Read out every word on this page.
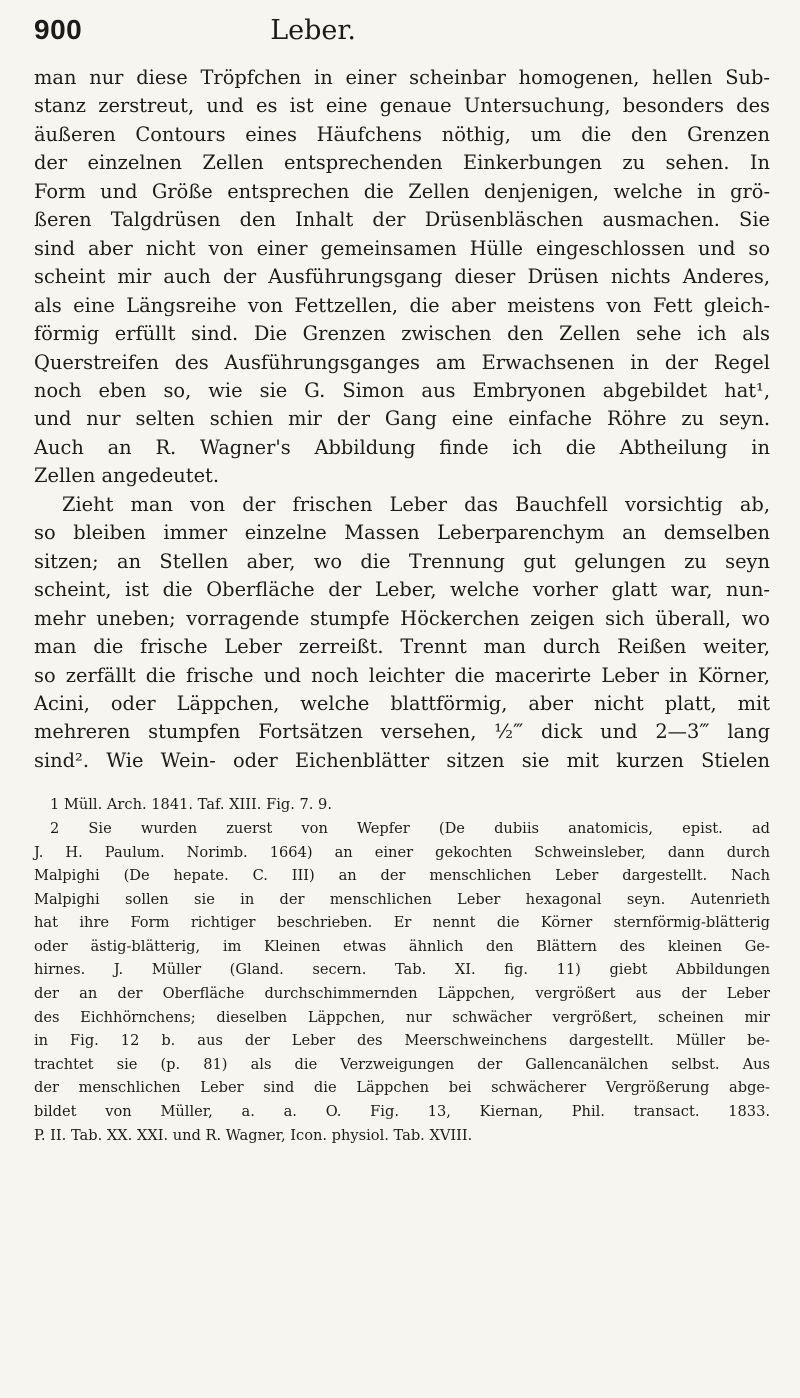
900	Leber.

man nur diese Tröpfchen in einer scheinbar homogenen, hellen Sub-
stanz zerstreut, und es ist eine genaue Untersuchung, besonders des
äußeren Contours eines Häufchens nöthig, um die den Grenzen
der einzelnen Zellen entsprechenden Einkerbungen zu sehen. In
Form und Größe entsprechen die Zellen denjenigen, welche in grö-
ßeren Talgdrüsen den Inhalt der Drüsenbläschen ausmachen. Sie
sind aber nicht von einer gemeinsamen Hülle eingeschlossen und so
scheint mir auch der Ausführungsgang dieser Drüsen nichts Anderes,
als eine Längsreihe von Fettzellen, die aber meistens von Fett gleich-
förmig erfüllt sind. Die Grenzen zwischen den Zellen sehe ich als
Querstreifen des Ausführungsganges am Erwachsenen in der Regel
noch eben so, wie sie G. Simon aus Embryonen abgebildet hat¹,
und nur selten schien mir der Gang eine einfache Röhre zu seyn.
Auch an R. Wagner's Abbildung finde ich die Abtheilung in
Zellen angedeutet.

Zieht man von der frischen Leber das Bauchfell vorsichtig ab,
so bleiben immer einzelne Massen Leberparenchym an demselben
sitzen; an Stellen aber, wo die Trennung gut gelungen zu seyn
scheint, ist die Oberfläche der Leber, welche vorher glatt war, nun-
mehr uneben; vorragende stumpfe Höckerchen zeigen sich überall, wo
man die frische Leber zerreißt. Trennt man durch Reißen weiter,
so zerfällt die frische und noch leichter die macerirte Leber in Körner,
Acini, oder Läppchen, welche blattförmig, aber nicht platt, mit
mehreren stumpfen Fortsätzen versehen, ½‴ dick und 2—3‴ lang
sind². Wie Wein- oder Eichenblätter sitzen sie mit kurzen Stielen

1 Müll. Arch. 1841. Taf. XIII. Fig. 7. 9.
2 Sie wurden zuerst von Wepfer (De dubiis anatomicis, epist. ad
J. H. Paulum. Norimb. 1664) an einer gekochten Schweinsleber, dann durch
Malpighi (De hepate. C. III) an der menschlichen Leber dargestellt. Nach
Malpighi sollen sie in der menschlichen Leber hexagonal seyn. Autenrieth
hat ihre Form richtiger beschrieben. Er nennt die Körner sternförmig-blätterig
oder ästig-blätterig, im Kleinen etwas ähnlich den Blättern des kleinen Ge-
hirnes. J. Müller (Gland. secern. Tab. XI. fig. 11) giebt Abbildungen
der an der Oberfläche durchschimmernden Läppchen, vergrößert aus der Leber
des Eichhörnchens; dieselben Läppchen, nur schwächer vergrößert, scheinen mir
in Fig. 12 b. aus der Leber des Meerschweinchens dargestellt. Müller be-
trachtet sie (p. 81) als die Verzweigungen der Gallencanälchen selbst. Aus
der menschlichen Leber sind die Läppchen bei schwächerer Vergrößerung abge-
bildet von Müller, a. a. O. Fig. 13, Kiernan, Phil. transact. 1833.
P. II. Tab. XX. XXI. und R. Wagner, Icon. physiol. Tab. XVIII.
